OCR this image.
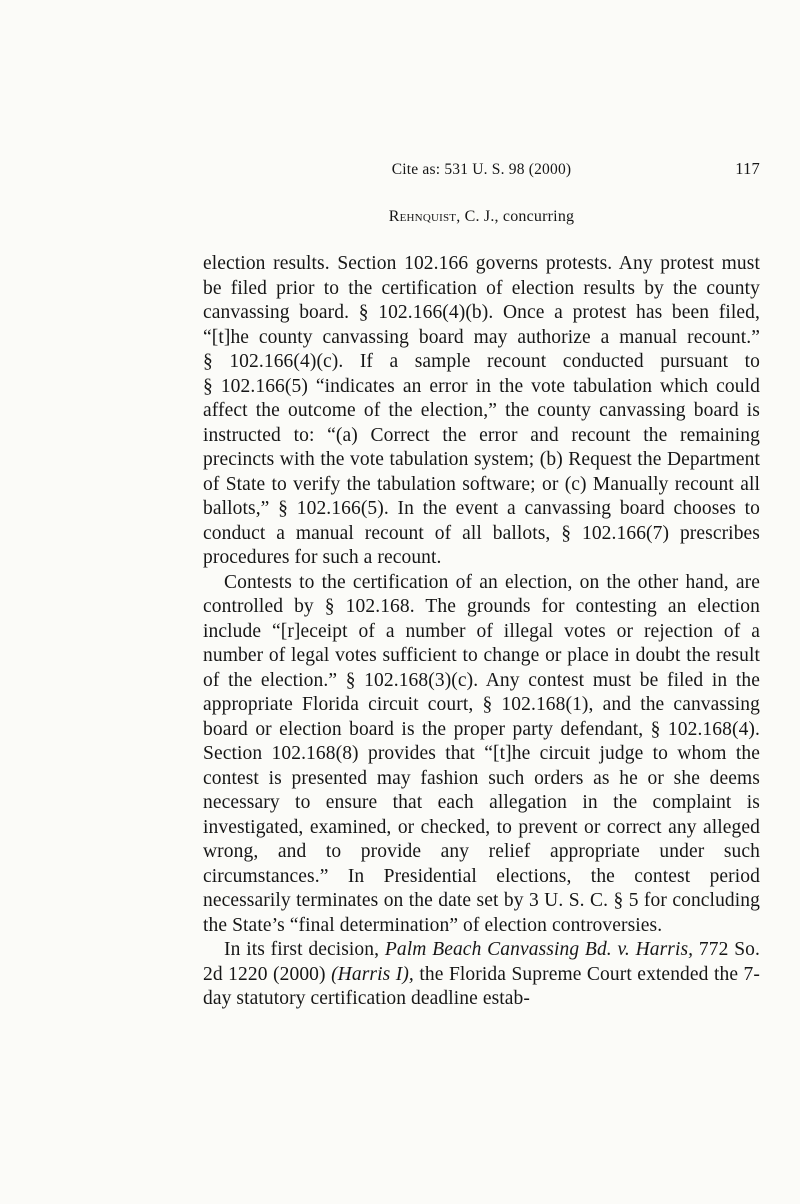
Cite as: 531 U. S. 98 (2000)	117
Rehnquist, C. J., concurring

election results. Section 102.166 governs protests. Any protest must be filed prior to the certification of election results by the county canvassing board. § 102.166(4)(b). Once a protest has been filed, “[t]he county canvassing board may authorize a manual recount.” § 102.166(4)(c). If a sample recount conducted pursuant to § 102.166(5) “indicates an error in the vote tabulation which could affect the outcome of the election,” the county canvassing board is instructed to: “(a) Correct the error and recount the remaining precincts with the vote tabulation system; (b) Request the Department of State to verify the tabulation software; or (c) Manually recount all ballots,” § 102.166(5). In the event a canvassing board chooses to conduct a manual recount of all ballots, § 102.166(7) prescribes procedures for such a recount.

Contests to the certification of an election, on the other hand, are controlled by § 102.168. The grounds for contesting an election include “[r]eceipt of a number of illegal votes or rejection of a number of legal votes sufficient to change or place in doubt the result of the election.” § 102.168(3)(c). Any contest must be filed in the appropriate Florida circuit court, § 102.168(1), and the canvassing board or election board is the proper party defendant, § 102.168(4). Section 102.168(8) provides that “[t]he circuit judge to whom the contest is presented may fashion such orders as he or she deems necessary to ensure that each allegation in the complaint is investigated, examined, or checked, to prevent or correct any alleged wrong, and to provide any relief appropriate under such circumstances.” In Presidential elections, the contest period necessarily terminates on the date set by 3 U. S. C. § 5 for concluding the State’s “final determination” of election controversies.

In its first decision, Palm Beach Canvassing Bd. v. Harris, 772 So. 2d 1220 (2000) (Harris I), the Florida Supreme Court extended the 7-day statutory certification deadline estab-
